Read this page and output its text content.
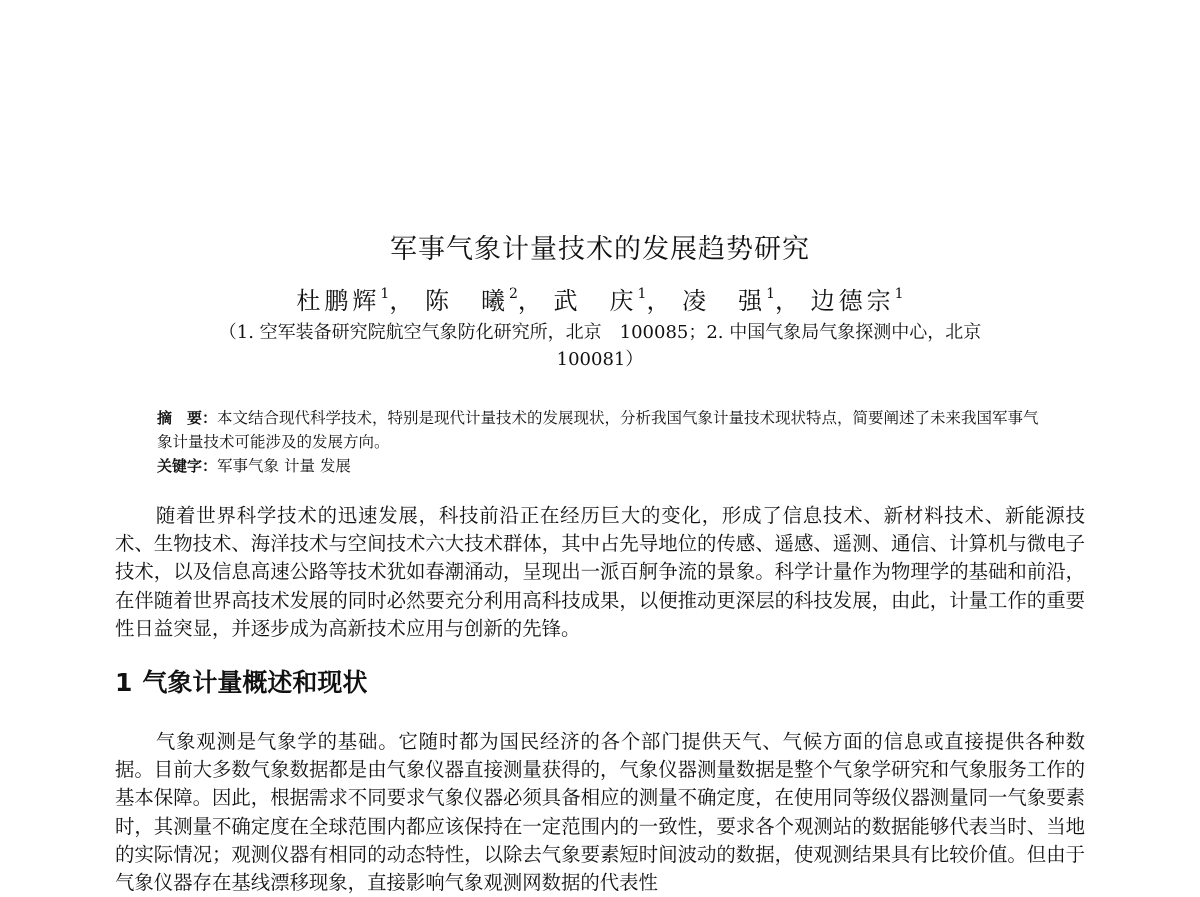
军事气象计量技术的发展趋势研究
杜鹏辉$^1$， 陈　曦$^2$， 武　庆$^1$， 凌　强$^1$， 边德宗$^1$
（1. 空军装备研究院航空气象防化研究所，北京　100085；2. 中国气象局气象探测中心，北京
100081）

摘　要：本文结合现代科学技术，特别是现代计量技术的发展现状，分析我国气象计量技术现状特点，简要阐述了未来我国军事气象计量技术可能涉及的发展方向。

关键字：军事气象 计量 发展

随着世界科学技术的迅速发展，科技前沿正在经历巨大的变化，形成了信息技术、新材料技术、新能源技术、生物技术、海洋技术与空间技术六大技术群体，其中占先导地位的传感、遥感、遥测、通信、计算机与微电子技术，以及信息高速公路等技术犹如春潮涌动，呈现出一派百舸争流的景象。科学计量作为物理学的基础和前沿，在伴随着世界高技术发展的同时必然要充分利用高科技成果，以便推动更深层的科技发展，由此，计量工作的重要性日益突显，并逐步成为高新技术应用与创新的先锋。

1 气象计量概述和现状

气象观测是气象学的基础。它随时都为国民经济的各个部门提供天气、气候方面的信息或直接提供各种数据。目前大多数气象数据都是由气象仪器直接测量获得的，气象仪器测量数据是整个气象学研究和气象服务工作的基本保障。因此，根据需求不同要求气象仪器必须具备相应的测量不确定度，在使用同等级仪器测量同一气象要素时，其测量不确定度在全球范围内都应该保持在一定范围内的一致性，要求各个观测站的数据能够代表当时、当地的实际情况；观测仪器有相同的动态特性，以除去气象要素短时间波动的数据，使观测结果具有比较价值。但由于气象仪器存在基线漂移现象，直接影响气象观测网数据的代表性
